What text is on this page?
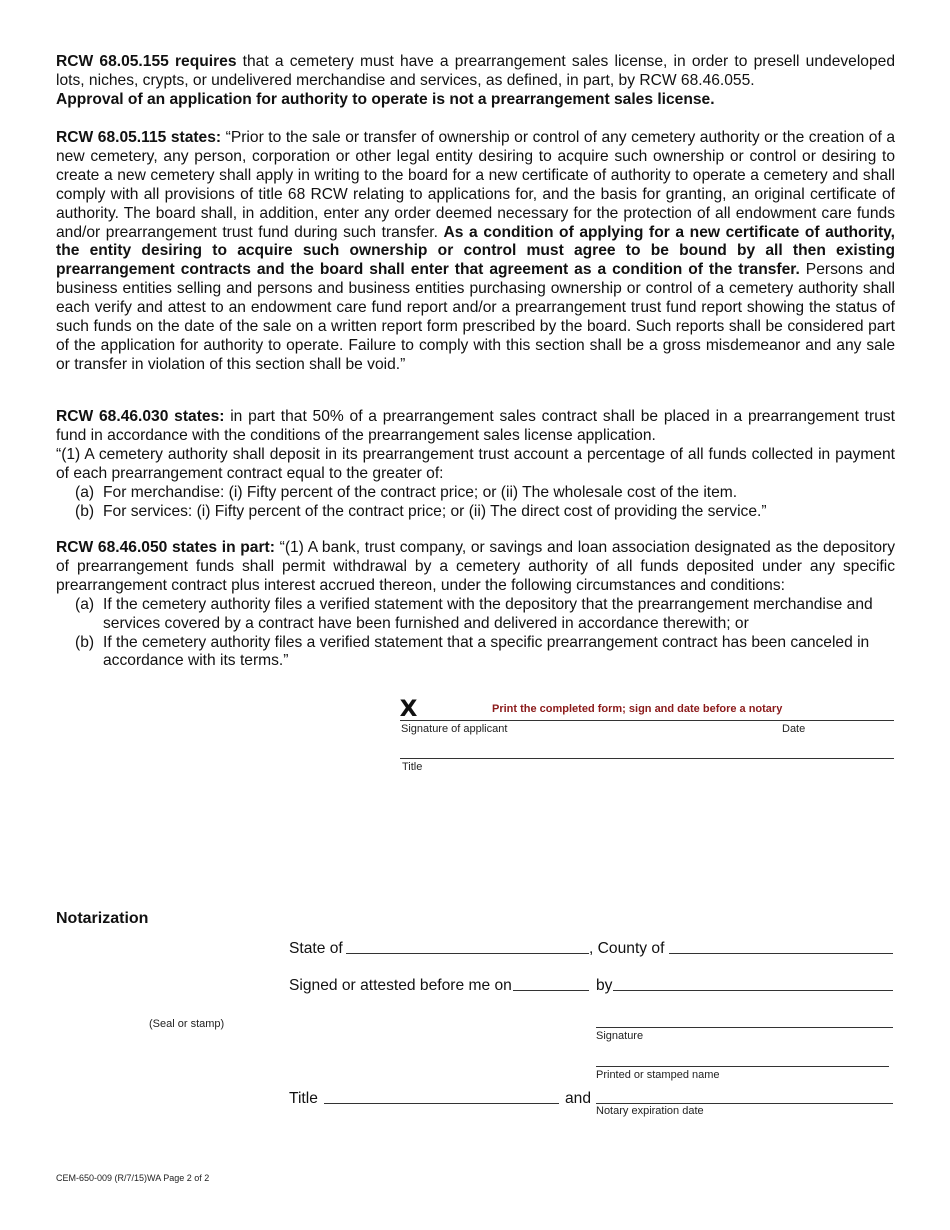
RCW 68.05.155 requires that a cemetery must have a prearrangement sales license, in order to presell undeveloped lots, niches, crypts, or undelivered merchandise and services, as defined, in part, by RCW 68.46.055.
Approval of an application for authority to operate is not a prearrangement sales license.
RCW 68.05.115 states: “Prior to the sale or transfer of ownership or control of any cemetery authority or the creation of a new cemetery, any person, corporation or other legal entity desiring to acquire such ownership or control or desiring to create a new cemetery shall apply in writing to the board for a new certificate of authority to operate a cemetery and shall comply with all provisions of title 68 RCW relating to applications for, and the basis for granting, an original certificate of authority. The board shall, in addition, enter any order deemed necessary for the protection of all endowment care funds and/or prearrangement trust fund during such transfer. As a condition of applying for a new certificate of authority, the entity desiring to acquire such ownership or control must agree to be bound by all then existing prearrangement contracts and the board shall enter that agreement as a condition of the transfer. Persons and business entities selling and persons and business entities purchasing ownership or control of a cemetery authority shall each verify and attest to an endowment care fund report and/or a prearrangement trust fund report showing the status of such funds on the date of the sale on a written report form prescribed by the board. Such reports shall be considered part of the application for authority to operate. Failure to comply with this section shall be a gross misdemeanor and any sale or transfer in violation of this section shall be void.”
RCW 68.46.030 states: in part that 50% of a prearrangement sales contract shall be placed in a prearrangement trust fund in accordance with the conditions of the prearrangement sales license application.
“(1) A cemetery authority shall deposit in its prearrangement trust account a percentage of all funds collected in payment of each prearrangement contract equal to the greater of:
(a) For merchandise: (i) Fifty percent of the contract price; or (ii) The wholesale cost of the item.
(b) For services: (i) Fifty percent of the contract price; or (ii) The direct cost of providing the service.”
RCW 68.46.050 states in part: “(1) A bank, trust company, or savings and loan association designated as the depository of prearrangement funds shall permit withdrawal by a cemetery authority of all funds deposited under any specific prearrangement contract plus interest accrued thereon, under the following circumstances and conditions:
(a) If the cemetery authority files a verified statement with the depository that the prearrangement merchandise and services covered by a contract have been furnished and delivered in accordance therewith; or
(b) If the cemetery authority files a verified statement that a specific prearrangement contract has been canceled in accordance with its terms.”
X	Print the completed form; sign and date before a notary
Signature of applicant	Date
Title
Notarization
State of	, County of
Signed or attested before me on	by
(Seal or stamp)
Signature
Printed or stamped name
Title	and
Notary expiration date
CEM-650-009 (R/7/15)WA Page 2 of 2
